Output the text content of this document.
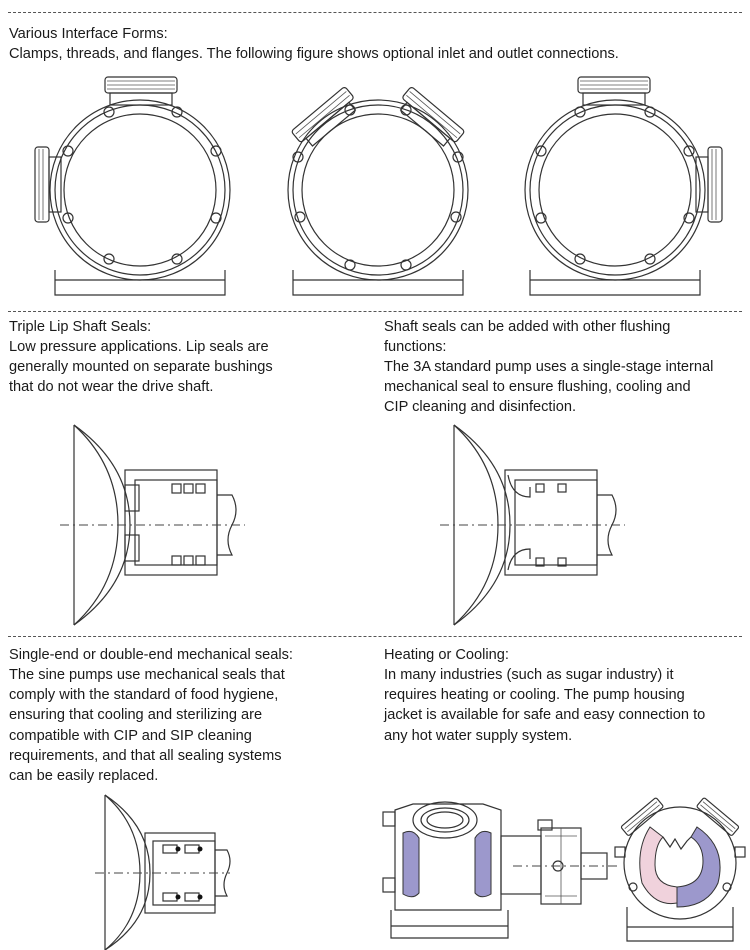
Various Interface Forms:
Clamps, threads, and flanges. The following figure shows optional inlet and outlet connections.
Triple Lip Shaft Seals:
Low pressure applications. Lip seals are
generally mounted on separate bushings
that do not wear the drive shaft.
Shaft seals can be added with other flushing
functions:
The 3A standard pump uses a single-stage internal
mechanical seal to ensure flushing, cooling and
CIP cleaning and disinfection.
Single-end or double-end mechanical seals:
The sine pumps use mechanical seals that
comply with the standard of food hygiene,
ensuring that cooling and sterilizing are
compatible with CIP and SIP cleaning
requirements, and that all sealing systems
can be easily replaced.
Heating or Cooling:
In many industries (such as sugar industry) it
requires heating or cooling. The pump housing
jacket is available for safe and easy connection to
any hot water supply system.
